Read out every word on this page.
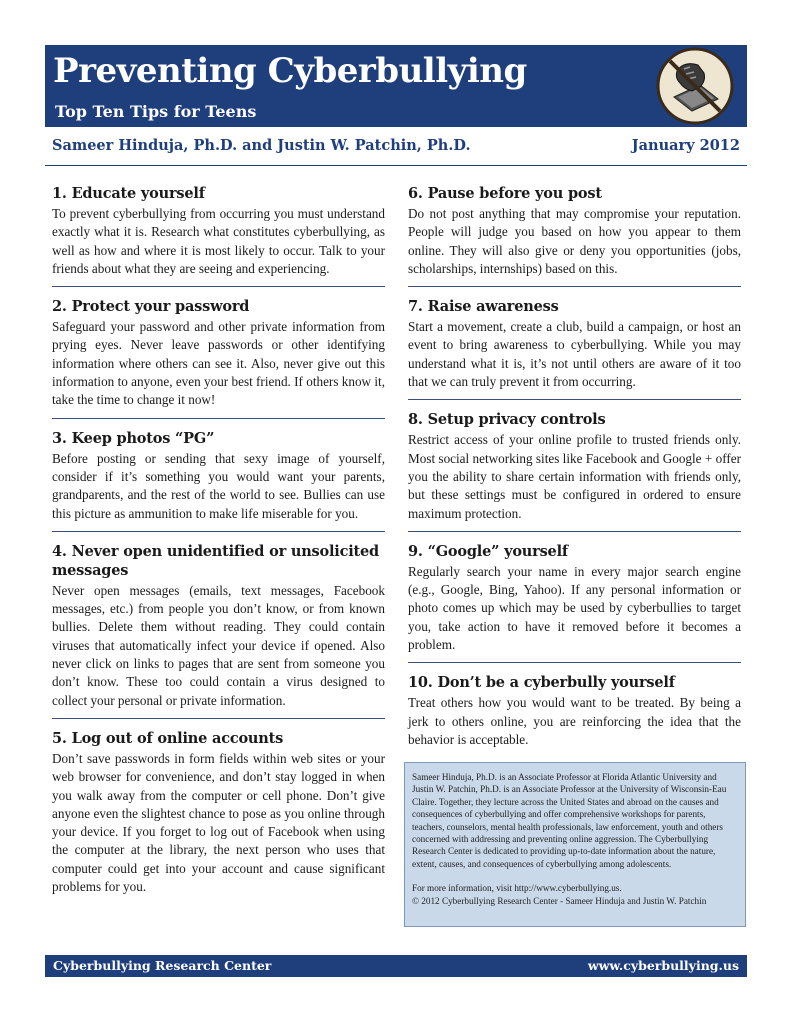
Preventing Cyberbullying
Top Ten Tips for Teens
Sameer Hinduja, Ph.D. and Justin W. Patchin, Ph.D.	January 2012
1. Educate yourself
To prevent cyberbullying from occurring you must understand exactly what it is. Research what constitutes cyberbullying, as well as how and where it is most likely to occur. Talk to your friends about what they are seeing and experiencing.
2. Protect your password
Safeguard your password and other private information from prying eyes. Never leave passwords or other identifying information where others can see it. Also, never give out this information to anyone, even your best friend. If others know it, take the time to change it now!
3. Keep photos “PG”
Before posting or sending that sexy image of yourself, consider if it’s something you would want your parents, grandparents, and the rest of the world to see. Bullies can use this picture as ammunition to make life miserable for you.
4. Never open unidentified or unsolicited messages
Never open messages (emails, text messages, Facebook messages, etc.) from people you don’t know, or from known bullies. Delete them without reading. They could contain viruses that automatically infect your device if opened. Also never click on links to pages that are sent from someone you don’t know. These too could contain a virus designed to collect your personal or private information.
5. Log out of online accounts
Don’t save passwords in form fields within web sites or your web browser for convenience, and don’t stay logged in when you walk away from the computer or cell phone. Don’t give anyone even the slightest chance to pose as you online through your device. If you forget to log out of Facebook when using the computer at the library, the next person who uses that computer could get into your account and cause significant problems for you.
6. Pause before you post
Do not post anything that may compromise your reputation. People will judge you based on how you appear to them online. They will also give or deny you opportunities (jobs, scholarships, internships) based on this.
7. Raise awareness
Start a movement, create a club, build a campaign, or host an event to bring awareness to cyberbullying. While you may understand what it is, it’s not until others are aware of it too that we can truly prevent it from occurring.
8. Setup privacy controls
Restrict access of your online profile to trusted friends only. Most social networking sites like Facebook and Google + offer you the ability to share certain information with friends only, but these settings must be configured in ordered to ensure maximum protection.
9. “Google” yourself
Regularly search your name in every major search engine (e.g., Google, Bing, Yahoo). If any personal information or photo comes up which may be used by cyberbullies to target you, take action to have it removed before it becomes a problem.
10. Don’t be a cyberbully yourself
Treat others how you would want to be treated. By being a jerk to others online, you are reinforcing the idea that the behavior is acceptable.
Sameer Hinduja, Ph.D. is an Associate Professor at Florida Atlantic University and Justin W. Patchin, Ph.D. is an Associate Professor at the University of Wisconsin-Eau Claire. Together, they lecture across the United States and abroad on the causes and consequences of cyberbullying and offer comprehensive workshops for parents, teachers, counselors, mental health professionals, law enforcement, youth and others concerned with addressing and preventing online aggression. The Cyberbullying Research Center is dedicated to providing up-to-date information about the nature, extent, causes, and consequences of cyberbullying among adolescents.
For more information, visit http://www.cyberbullying.us.
© 2012 Cyberbullying Research Center - Sameer Hinduja and Justin W. Patchin
Cyberbullying Research Center	www.cyberbullying.us
